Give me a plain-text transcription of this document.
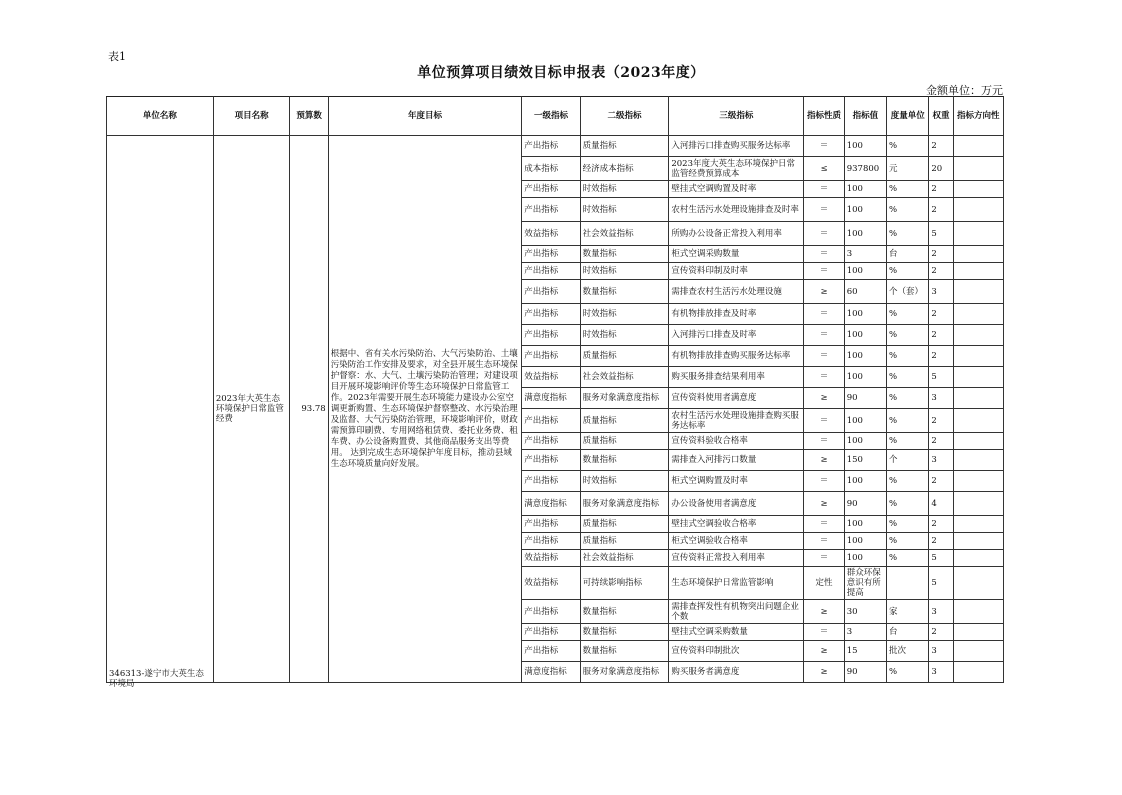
表1
单位预算项目绩效目标申报表（2023年度）
金额单位：万元
单位名称	项目名称	预算数	年度目标	一级指标	二级指标	三级指标	指标性质	指标值	度量单位	权重	指标方向性

346313-遂宁市大英生态环境局	2023年大英生态环境保护日常监管经费	93.78	根据中、省有关水污染防治、大气污染防治、土壤污染防治工作安排及要求，对全县开展生态环境保护督察：水、大气、土壤污染防治管理；对建设项目开展环境影响评价等生态环境保护日常监管工作。2023年需要开展生态环境能力建设办公室空调更新购置、生态环境保护督察整改、水污染治理及监督、大气污染防治管理，环境影响评价，财政需预算印刷费、专用网络租赁费、委托业务费、租车费、办公设备购置费、其他商品服务支出等费用。 达到完成生态环境保护年度目标，推动县域生态环境质量向好发展。	产出指标	质量指标	入河排污口排查购买服务达标率	＝	100	%	2	
				成本指标	经济成本指标	2023年度大英生态环境保护日常监管经费预算成本	≤	937800	元	20	
				产出指标	时效指标	壁挂式空调购置及时率	＝	100	%	2	
				产出指标	时效指标	农村生活污水处理设施排查及时率	＝	100	%	2	
				效益指标	社会效益指标	所购办公设备正常投入利用率	＝	100	%	5	
				产出指标	数量指标	柜式空调采购数量	＝	3	台	2	
				产出指标	时效指标	宣传资料印制及时率	＝	100	%	2	
				产出指标	数量指标	需排查农村生活污水处理设施	≥	60	个（套）	3	
				产出指标	时效指标	有机物排放排查及时率	＝	100	%	2	
				产出指标	时效指标	入河排污口排查及时率	＝	100	%	2	
				产出指标	质量指标	有机物排放排查购买服务达标率	＝	100	%	2	
				效益指标	社会效益指标	购买服务排查结果利用率	＝	100	%	5	
				满意度指标	服务对象满意度指标	宣传资料使用者满意度	≥	90	%	3	
				产出指标	质量指标	农村生活污水处理设施排查购买服务达标率	＝	100	%	2	
				产出指标	质量指标	宣传资料验收合格率	＝	100	%	2	
				产出指标	数量指标	需排查入河排污口数量	≥	150	个	3	
				产出指标	时效指标	柜式空调购置及时率	＝	100	%	2	
				满意度指标	服务对象满意度指标	办公设备使用者满意度	≥	90	%	4	
				产出指标	质量指标	壁挂式空调验收合格率	＝	100	%	2	
				产出指标	质量指标	柜式空调验收合格率	＝	100	%	2	
				效益指标	社会效益指标	宣传资料正常投入利用率	＝	100	%	5	
				效益指标	可持续影响指标	生态环境保护日常监管影响	定性	群众环保意识有所提高		5	
				产出指标	数量指标	需排查挥发性有机物突出问题企业个数	≥	30	家	3	
				产出指标	数量指标	壁挂式空调采购数量	＝	3	台	2	
				产出指标	数量指标	宣传资料印制批次	≥	15	批次	3	
				满意度指标	服务对象满意度指标	购买服务者满意度	≥	90	%	3	
